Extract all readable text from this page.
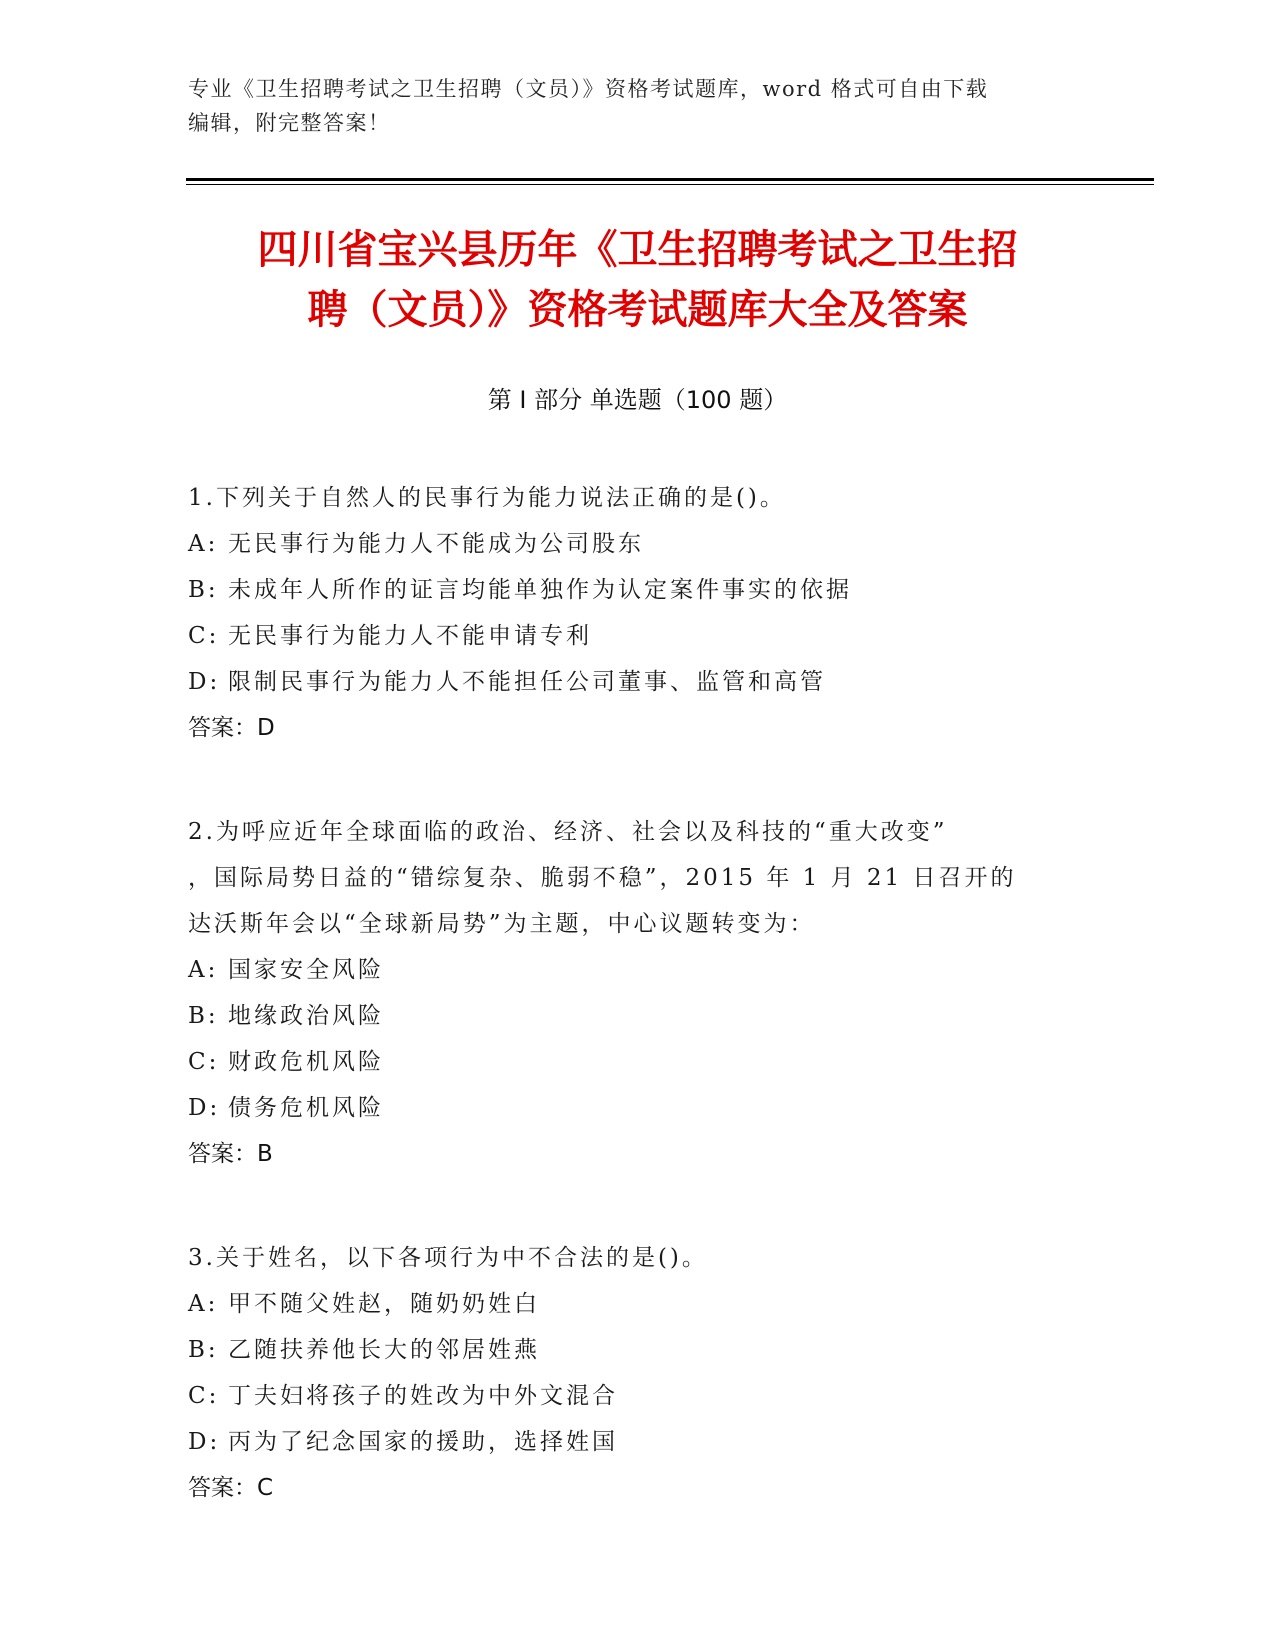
专业《卫生招聘考试之卫生招聘（文员）》资格考试题库，word 格式可自由下载
编辑，附完整答案！
四川省宝兴县历年《卫生招聘考试之卫生招
聘（文员）》资格考试题库大全及答案
第 I 部分 单选题（100 题）

1.下列关于自然人的民事行为能力说法正确的是()。

A: 无民事行为能力人不能成为公司股东

B: 未成年人所作的证言均能单独作为认定案件事实的依据

C: 无民事行为能力人不能申请专利

D: 限制民事行为能力人不能担任公司董事、监管和高管

答案：D

2.为呼应近年全球面临的政治、经济、社会以及科技的“重大改变”

，国际局势日益的“错综复杂、脆弱不稳”，2015 年 1 月 21 日召开的

达沃斯年会以“全球新局势”为主题，中心议题转变为：

A: 国家安全风险

B: 地缘政治风险

C: 财政危机风险

D: 债务危机风险

答案：B

3.关于姓名，以下各项行为中不合法的是()。

A: 甲不随父姓赵，随奶奶姓白

B: 乙随扶养他长大的邻居姓燕

C: 丁夫妇将孩子的姓改为中外文混合

D: 丙为了纪念国家的援助，选择姓国

答案：C
